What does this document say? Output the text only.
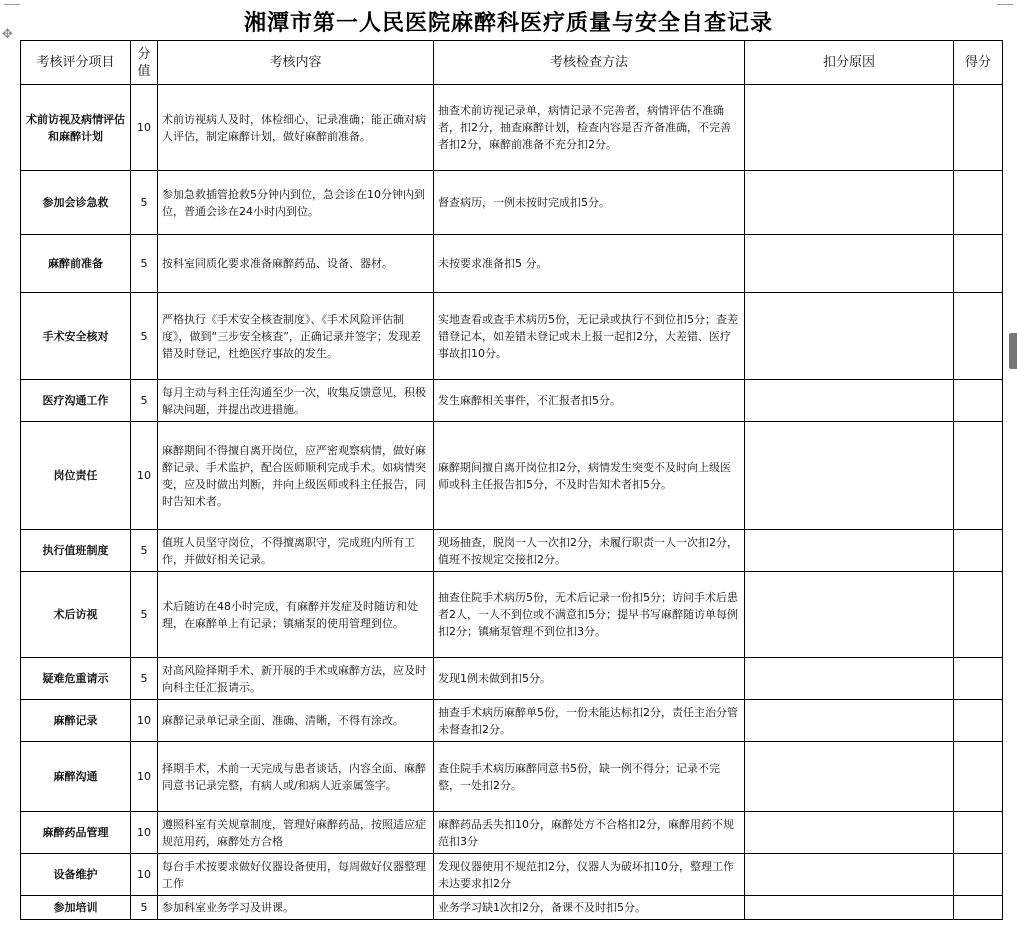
✥	湘潭市第一人民医院麻醉科医疗质量与安全自查记录
考核评分项目	分值	考核内容	考核检查方法	扣分原因	得分
术前访视及病情评估和麻醉计划	10	术前访视病人及时，体检细心，记录准确；能正确对病人评估，制定麻醉计划，做好麻醉前准备。	抽查术前访视记录单，病情记录不完善者，病情评估不准确者，扣2分，抽查麻醉计划，检查内容是否齐备准确，不完善者扣2分，麻醉前准备不充分扣2分。		
参加会诊急救	5	参加急救插管抢救5分钟内到位，急会诊在10分钟内到位，普通会诊在24小时内到位。	督查病历，一例未按时完成扣5分。		
麻醉前准备	5	按科室同质化要求准备麻醉药品、设备、器材。	未按要求准备扣5 分。		
手术安全核对	5	严格执行《手术安全核查制度》、《手术风险评估制度》，做到“三步安全核查”，正确记录并签字；发现差错及时登记，杜绝医疗事故的发生。	实地查看或查手术病历5份，无记录或执行不到位扣5分；查差错登记本，如差错未登记或未上报一起扣2分，大差错、医疗事故扣10分。		
医疗沟通工作	5	每月主动与科主任沟通至少一次，收集反馈意见，积极解决问题，并提出改进措施。	发生麻醉相关事件，不汇报者扣5分。		
岗位责任	10	麻醉期间不得擅自离开岗位，应严密观察病情，做好麻醉记录、手术监护，配合医师顺利完成手术。如病情突变，应及时做出判断，并向上级医师或科主任报告，同时告知术者。	麻醉期间擅自离开岗位扣2分，病情发生突变不及时向上级医师或科主任报告扣5分，不及时告知术者扣5分。		
执行值班制度	5	值班人员坚守岗位，不得擅离职守，完成班内所有工作，并做好相关记录。	现场抽查，脱岗一人一次扣2分，未履行职责一人一次扣2分，值班不按规定交接扣2分。		
术后访视	5	术后随访在48小时完成，有麻醉并发症及时随访和处理，在麻醉单上有记录；镇痛泵的使用管理到位。	抽查住院手术病历5份，无术后记录一份扣5分；访问手术后患者2人，一人不到位或不满意扣5分；提早书写麻醉随访单每例扣2分；镇痛泵管理不到位扣3分。		
疑难危重请示	5	对高风险择期手术、新开展的手术或麻醉方法，应及时向科主任汇报请示。	发现1例未做到扣5分。		
麻醉记录	10	麻醉记录单记录全面、准确、清晰，不得有涂改。	抽查手术病历麻醉单5份，一份未能达标扣2分，责任主治分管未督查扣2分。		
麻醉沟通	10	择期手术，术前一天完成与患者谈话，内容全面、麻醉同意书记录完整，有病人或/和病人近亲属签字。	查住院手术病历麻醉同意书5份，缺一例不得分；记录不完整，一处扣2分。		
麻醉药品管理	10	遵照科室有关规章制度，管理好麻醉药品，按照适应症规范用药，麻醉处方合格	麻醉药品丢失扣10分，麻醉处方不合格扣2分，麻醉用药不规范扣3分		
设备维护	10	每台手术按要求做好仪器设备使用，每周做好仪器整理工作	发现仪器使用不规范扣2分，仪器人为破坏扣10分，整理工作未达要求扣2分		
参加培训	5	参加科室业务学习及讲课。	业务学习缺1次扣2分，备课不及时扣5分。		
